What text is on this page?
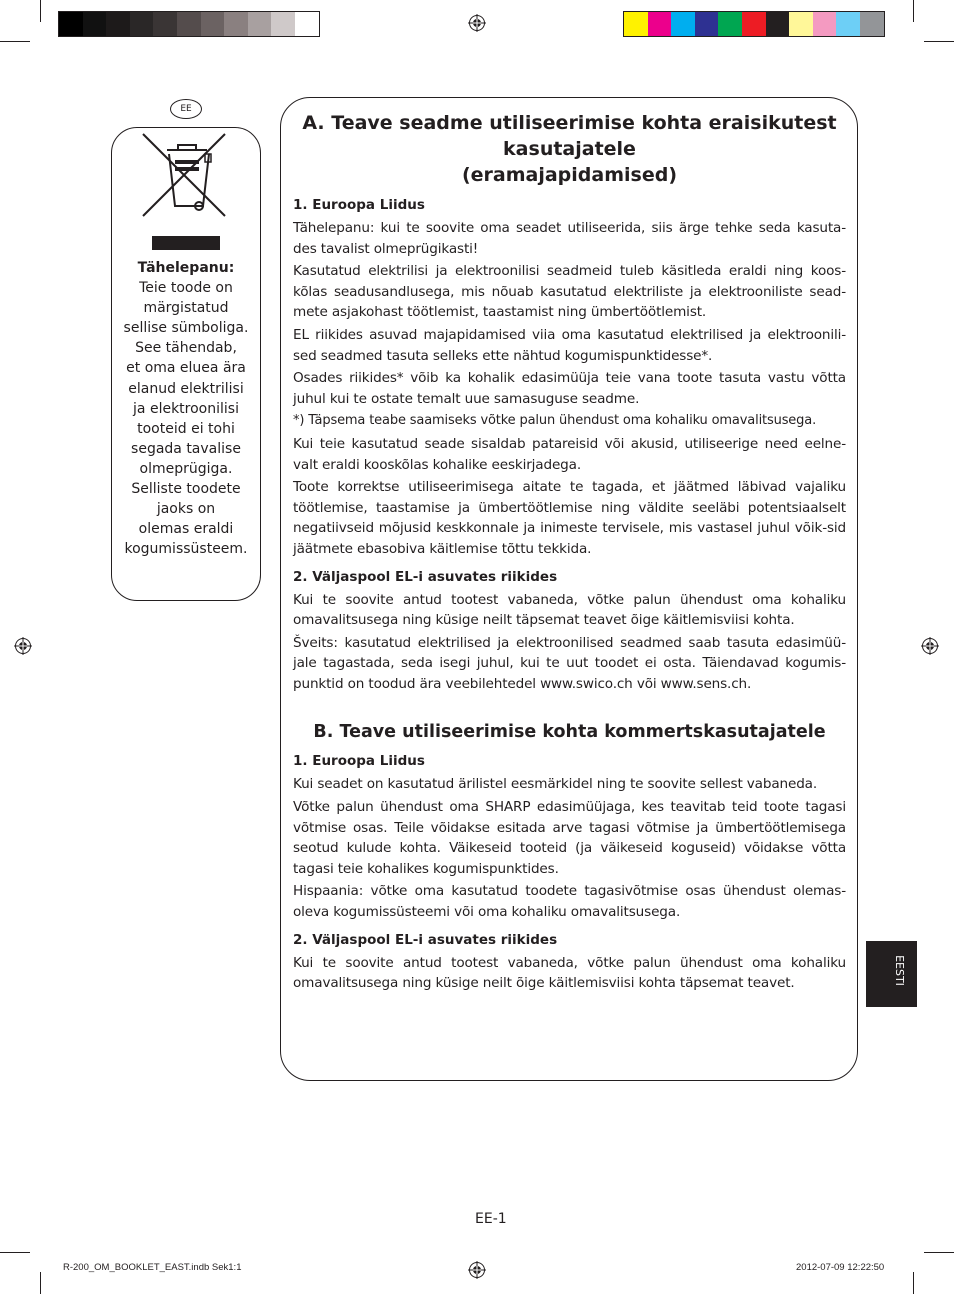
EE
Tähelepanu:
Teie toode on
märgistatud
sellise sümboliga.
See tähendab,
et oma eluea ära
elanud elektrilisi
ja elektroonilisi
tooteid ei tohi
segada tavalise
olmeprügiga.
Selliste toodete
jaoks on
olemas eraldi
kogumissüsteem.
A. Teave seadme utiliseerimise kohta eraisikutest
kasutajatele
(eramajapidamised)
1. Euroopa Liidus

Tähelepanu: kui te soovite oma seadet utiliseerida, siis ärge tehke seda kasuta-des tavalist olmeprügikasti!

Kasutatud elektrilisi ja elektroonilisi seadmeid tuleb käsitleda eraldi ning koos-kõlas seadusandlusega, mis nõuab kasutatud elektriliste ja elektrooniliste sead-mete asjakohast töötlemist, taastamist ning ümbertöötlemist.

EL riikides asuvad majapidamised viia oma kasutatud elektrilised ja elektroonili-sed seadmed tasuta selleks ette nähtud kogumispunktidesse*.

Osades riikides* võib ka kohalik edasimüüja teie vana toote tasuta vastu võtta juhul kui te ostate temalt uue samasuguse seadme.

*) Täpsema teabe saamiseks võtke palun ühendust oma kohaliku omavalitsusega.

Kui teie kasutatud seade sisaldab patareisid või akusid, utiliseerige need eelne-valt eraldi kooskõlas kohalike eeskirjadega.

Toote korrektse utiliseerimisega aitate te tagada, et jäätmed läbivad vajaliku töötlemise, taastamise ja ümbertöötlemise ning väldite seeläbi potentsiaalselt negatiivseid mõjusid keskkonnale ja inimeste tervisele, mis vastasel juhul võik-sid jäätmete ebasobiva käitlemise tõttu tekkida.

2. Väljaspool EL-i asuvates riikides

Kui te soovite antud tootest vabaneda, võtke palun ühendust oma kohaliku omavalitsusega ning küsige neilt täpsemat teavet õige käitlemisviisi kohta.

Šveits: kasutatud elektrilised ja elektroonilised seadmed saab tasuta edasimüü-jale tagastada, seda isegi juhul, kui te uut toodet ei osta. Täiendavad kogumis-punktid on toodud ära veebilehtedel www.swico.ch või www.sens.ch.

B. Teave utiliseerimise kohta kommertskasutajatele
1. Euroopa Liidus

Kui seadet on kasutatud ärilistel eesmärkidel ning te soovite sellest vabaneda.

Võtke palun ühendust oma SHARP edasimüüjaga, kes teavitab teid toote tagasi võtmise osas. Teile võidakse esitada arve tagasi võtmise ja ümbertöötlemisega seotud kulude kohta. Väikeseid tooteid (ja väikeseid koguseid) võidakse võtta tagasi teie kohalikes kogumispunktides.

Hispaania: võtke oma kasutatud toodete tagasivõtmise osas ühendust olemas-oleva kogumissüsteemi või oma kohaliku omavalitsusega.

2. Väljaspool EL-i asuvates riikides

Kui te soovite antud tootest vabaneda, võtke palun ühendust oma kohaliku omavalitsusega ning küsige neilt õige käitlemisviisi kohta täpsemat teavet.	EESTI
EE-1
R-200_OM_BOOKLET_EAST.indb Sek1:1	2012-07-09 12:22:50
